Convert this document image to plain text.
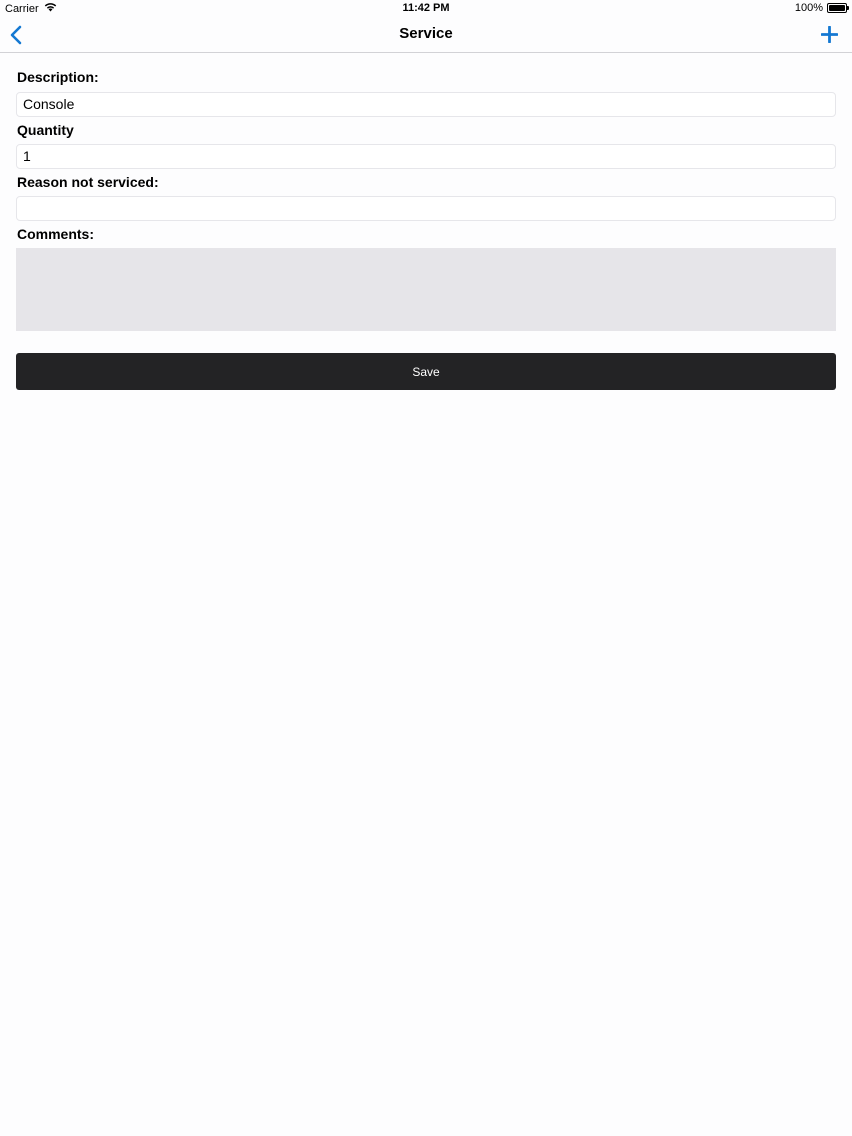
Carrier	11:42 PM	100%
Service
Description:
Console
Quantity
1
Reason not serviced:
Comments:
Save
